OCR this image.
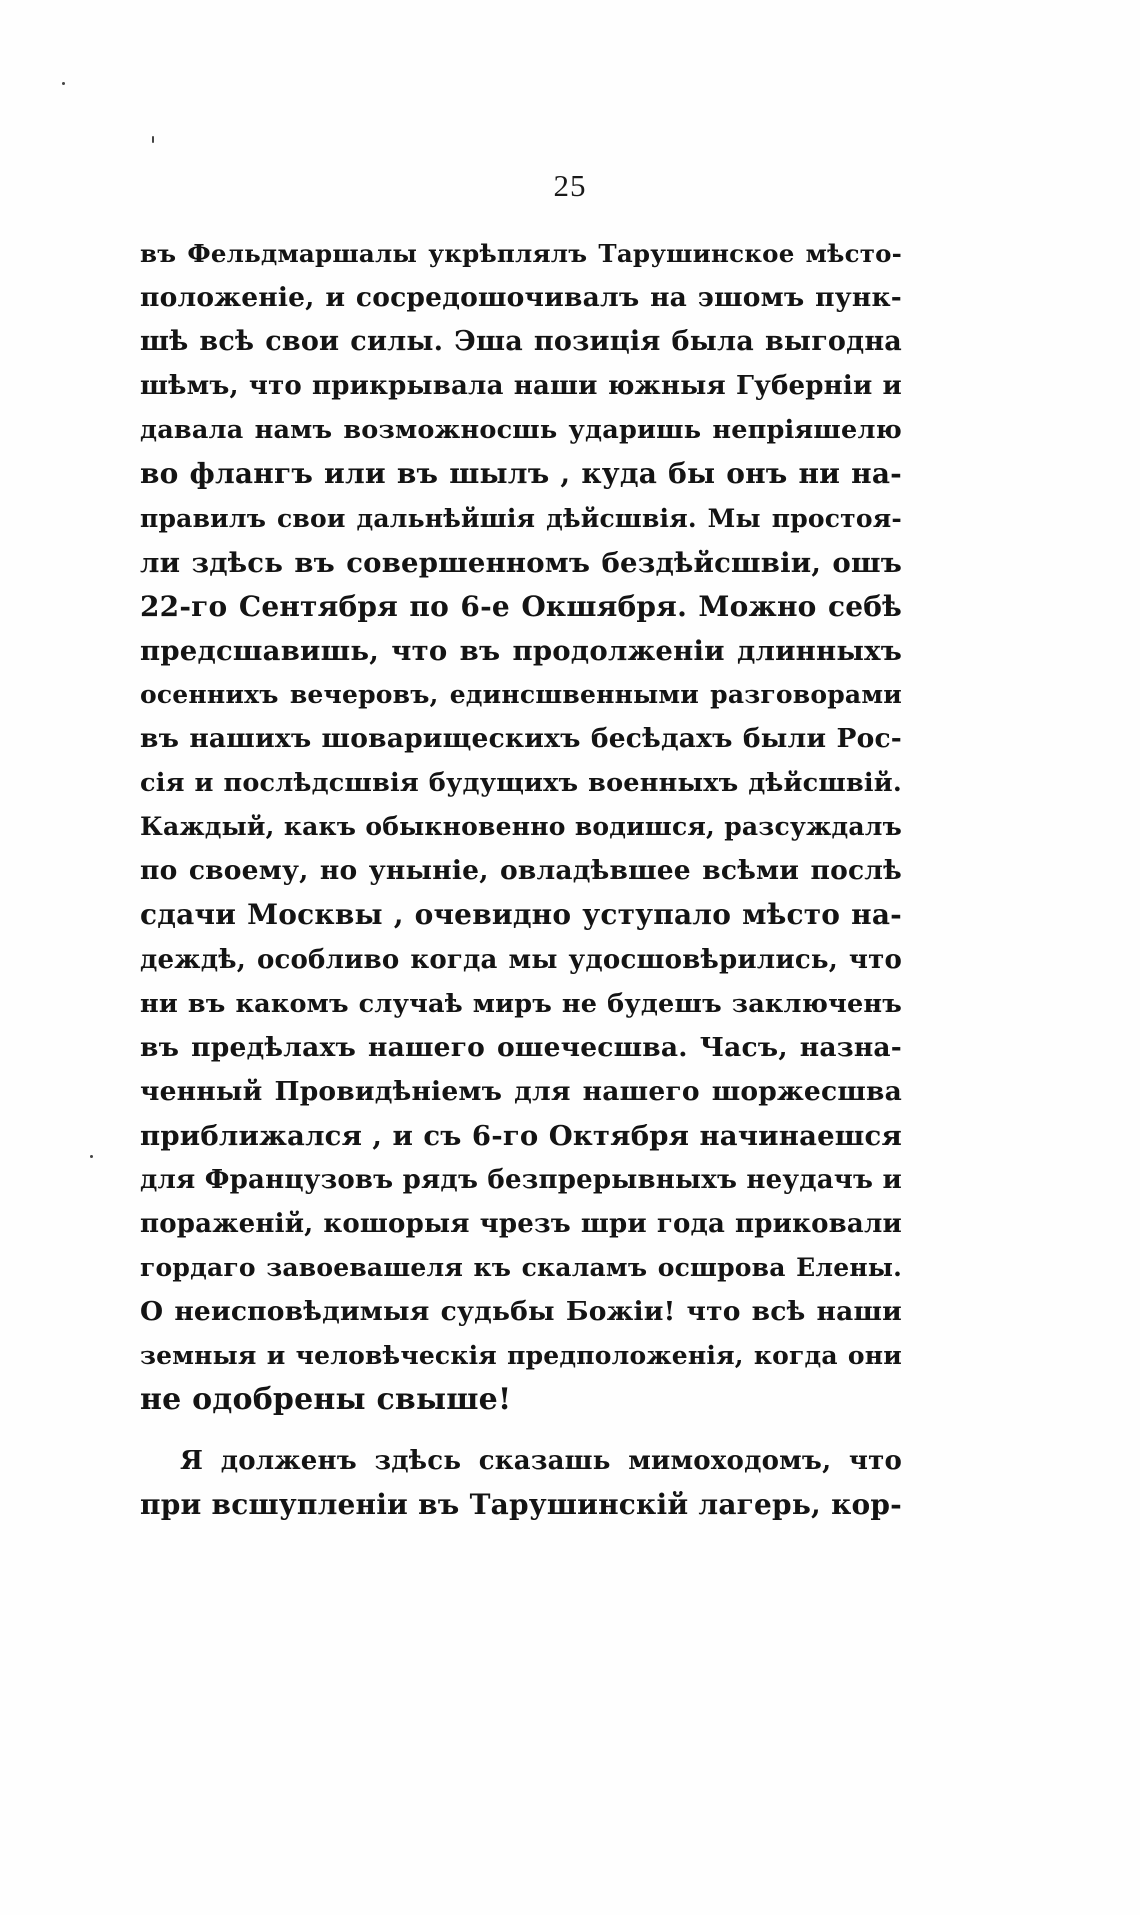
25
въ Фельдмаршалы укрѣплялъ Тарушинское мѣсто-
положеніе, и сосредошочивалъ на эшомъ пунк-
шѣ всѣ свои силы. Эша позиція была выгодна
шѣмъ, что прикрывала наши южныя Губерніи и
давала намъ возможносшь ударишь непріяшелю
во флангъ или въ шылъ , куда бы онъ ни на-
правилъ свои дальнѣйшія дѣйсшвія. Мы простоя-
ли здѣсь въ совершенномъ бездѣйсшвіи, ошъ
22-го Сентября по 6-е Окшября. Можно себѣ
предсшавишь, что въ продолженіи длинныхъ
осеннихъ вечеровъ, единсшвенными разговорами
въ нашихъ шоварищескихъ бесѣдахъ были Рос-
сія и послѣдсшвія будущихъ военныхъ дѣйсшвій.
Каждый, какъ обыкновенно водишся, разсуждалъ
по своему, но уныніе, овладѣвшее всѣми послѣ
сдачи Москвы , очевидно уступало мѣсто на-
деждѣ, особливо когда мы удосшовѣрились, что
ни въ какомъ случаѣ миръ не будешъ заключенъ
въ предѣлахъ нашего ошечесшва. Часъ, назна-
ченный Провидѣніемъ для нашего шоржесшва
приближался , и съ 6-го Октября начинаешся
для Французовъ рядъ безпрерывныхъ неудачъ и
пораженій, кошорыя чрезъ шри года приковали
гордаго завоевашеля къ скаламъ осшрова Елены.
О неисповѣдимыя судьбы Божіи! что всѣ наши
земныя и человѣческія предположенія, когда они
не одобрены свыше!
Я долженъ здѣсь сказашь мимоходомъ, что
при всшупленіи въ Тарушинскій лагерь, кор-
